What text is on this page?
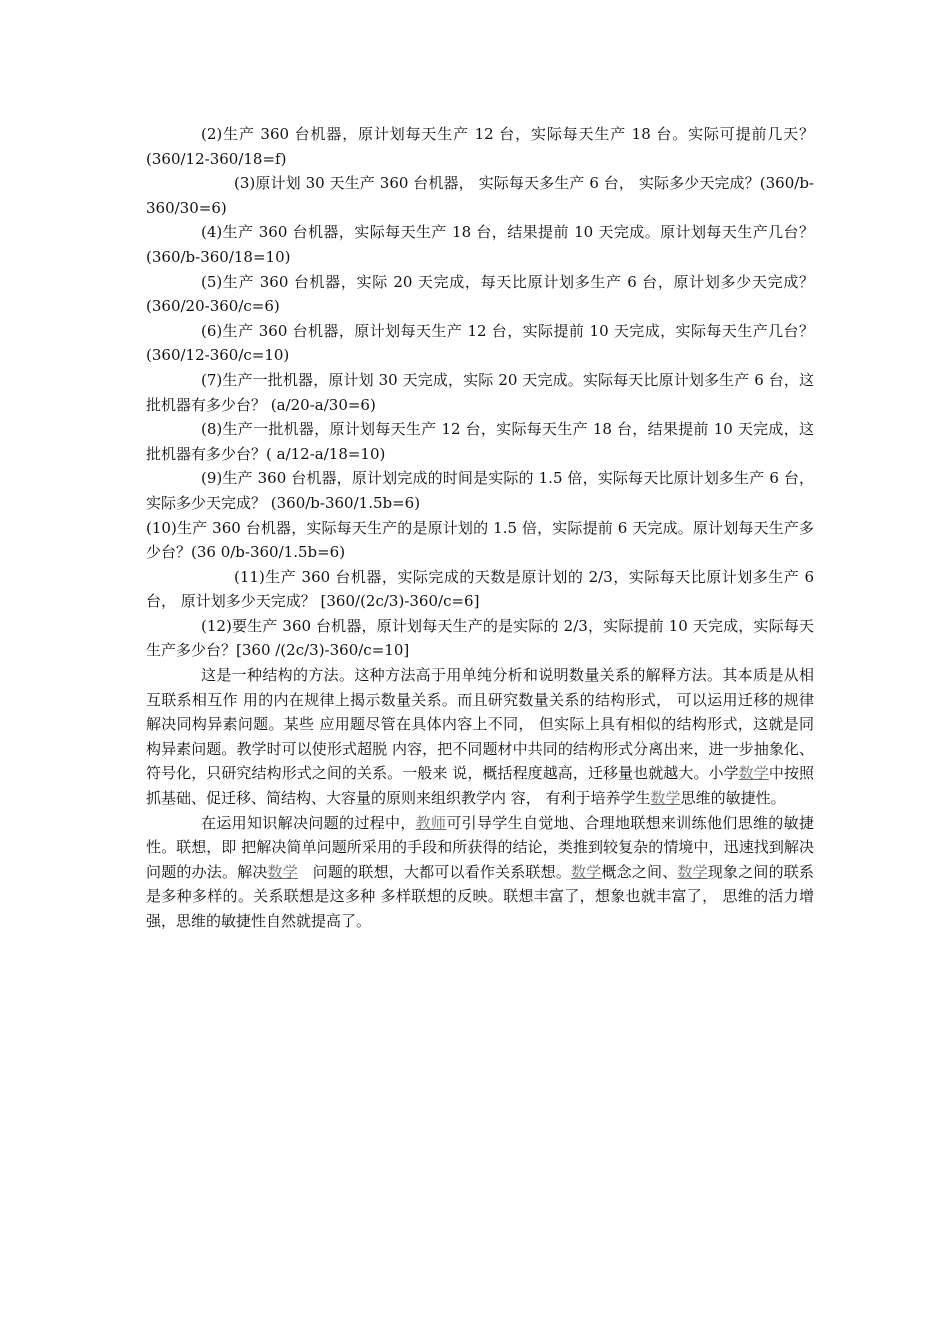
(2)生产 360 台机器，原计划每天生产 12 台，实际每天生产 18 台。实际可提前几天？(360/12-360/18=f)

(3)原计划 30 天生产 360 台机器， 实际每天多生产 6 台， 实际多少天完成？(360/b-360/30=6)

(4)生产 360 台机器，实际每天生产 18 台，结果提前 10 天完成。原计划每天生产几台？(360/b-360/18=10)

(5)生产 360 台机器，实际 20 天完成，每天比原计划多生产 6 台，原计划多少天完成？(360/20-360/c=6)

(6)生产 360 台机器，原计划每天生产 12 台，实际提前 10 天完成，实际每天生产几台？(360/12-360/c=10)

(7)生产一批机器，原计划 30 天完成，实际 20 天完成。实际每天比原计划多生产 6 台，这批机器有多少台？ (a/20-a/30=6)

(8)生产一批机器，原计划每天生产 12 台，实际每天生产 18 台，结果提前 10 天完成，这批机器有多少台？( a/12-a/18=10)

(9)生产 360 台机器，原计划完成的时间是实际的 1.5 倍，实际每天比原计划多生产 6 台，实际多少天完成？ (360/b-360/1.5b=6)

(10)生产 360 台机器，实际每天生产的是原计划的 1.5 倍，实际提前 6 天完成。原计划每天生产多少台？(36 0/b-360/1.5b=6)

(11)生产 360 台机器，实际完成的天数是原计划的 2/3，实际每天比原计划多生产 6 台， 原计划多少天完成？ [360/(2c/3)-360/c=6]

(12)要生产 360 台机器，原计划每天生产的是实际的 2/3，实际提前 10 天完成，实际每天生产多少台？[360 /(2c/3)-360/c=10]

这是一种结构的方法。这种方法高于用单纯分析和说明数量关系的解释方法。其本质是从相互联系相互作 用的内在规律上揭示数量关系。而且研究数量关系的结构形式， 可以运用迁移的规律解决同构异素问题。某些 应用题尽管在具体内容上不同， 但实际上具有相似的结构形式，这就是同构异素问题。教学时可以使形式超脱 内容，把不同题材中共同的结构形式分离出来，进一步抽象化、符号化，只研究结构形式之间的关系。一般来 说，概括程度越高，迁移量也就越大。小学数学中按照抓基础、促迁移、简结构、大容量的原则来组织教学内 容， 有利于培养学生数学思维的敏捷性。

在运用知识解决问题的过程中，教师可引导学生自觉地、合理地联想来训练他们思维的敏捷性。联想，即 把解决简单问题所采用的手段和所获得的结论，类推到较复杂的情境中，迅速找到解决问题的办法。解决数学   问题的联想，大都可以看作关系联想。数学概念之间、数学现象之间的联系是多种多样的。关系联想是这多种 多样联想的反映。联想丰富了，想象也就丰富了， 思维的活力增强，思维的敏捷性自然就提高了。
